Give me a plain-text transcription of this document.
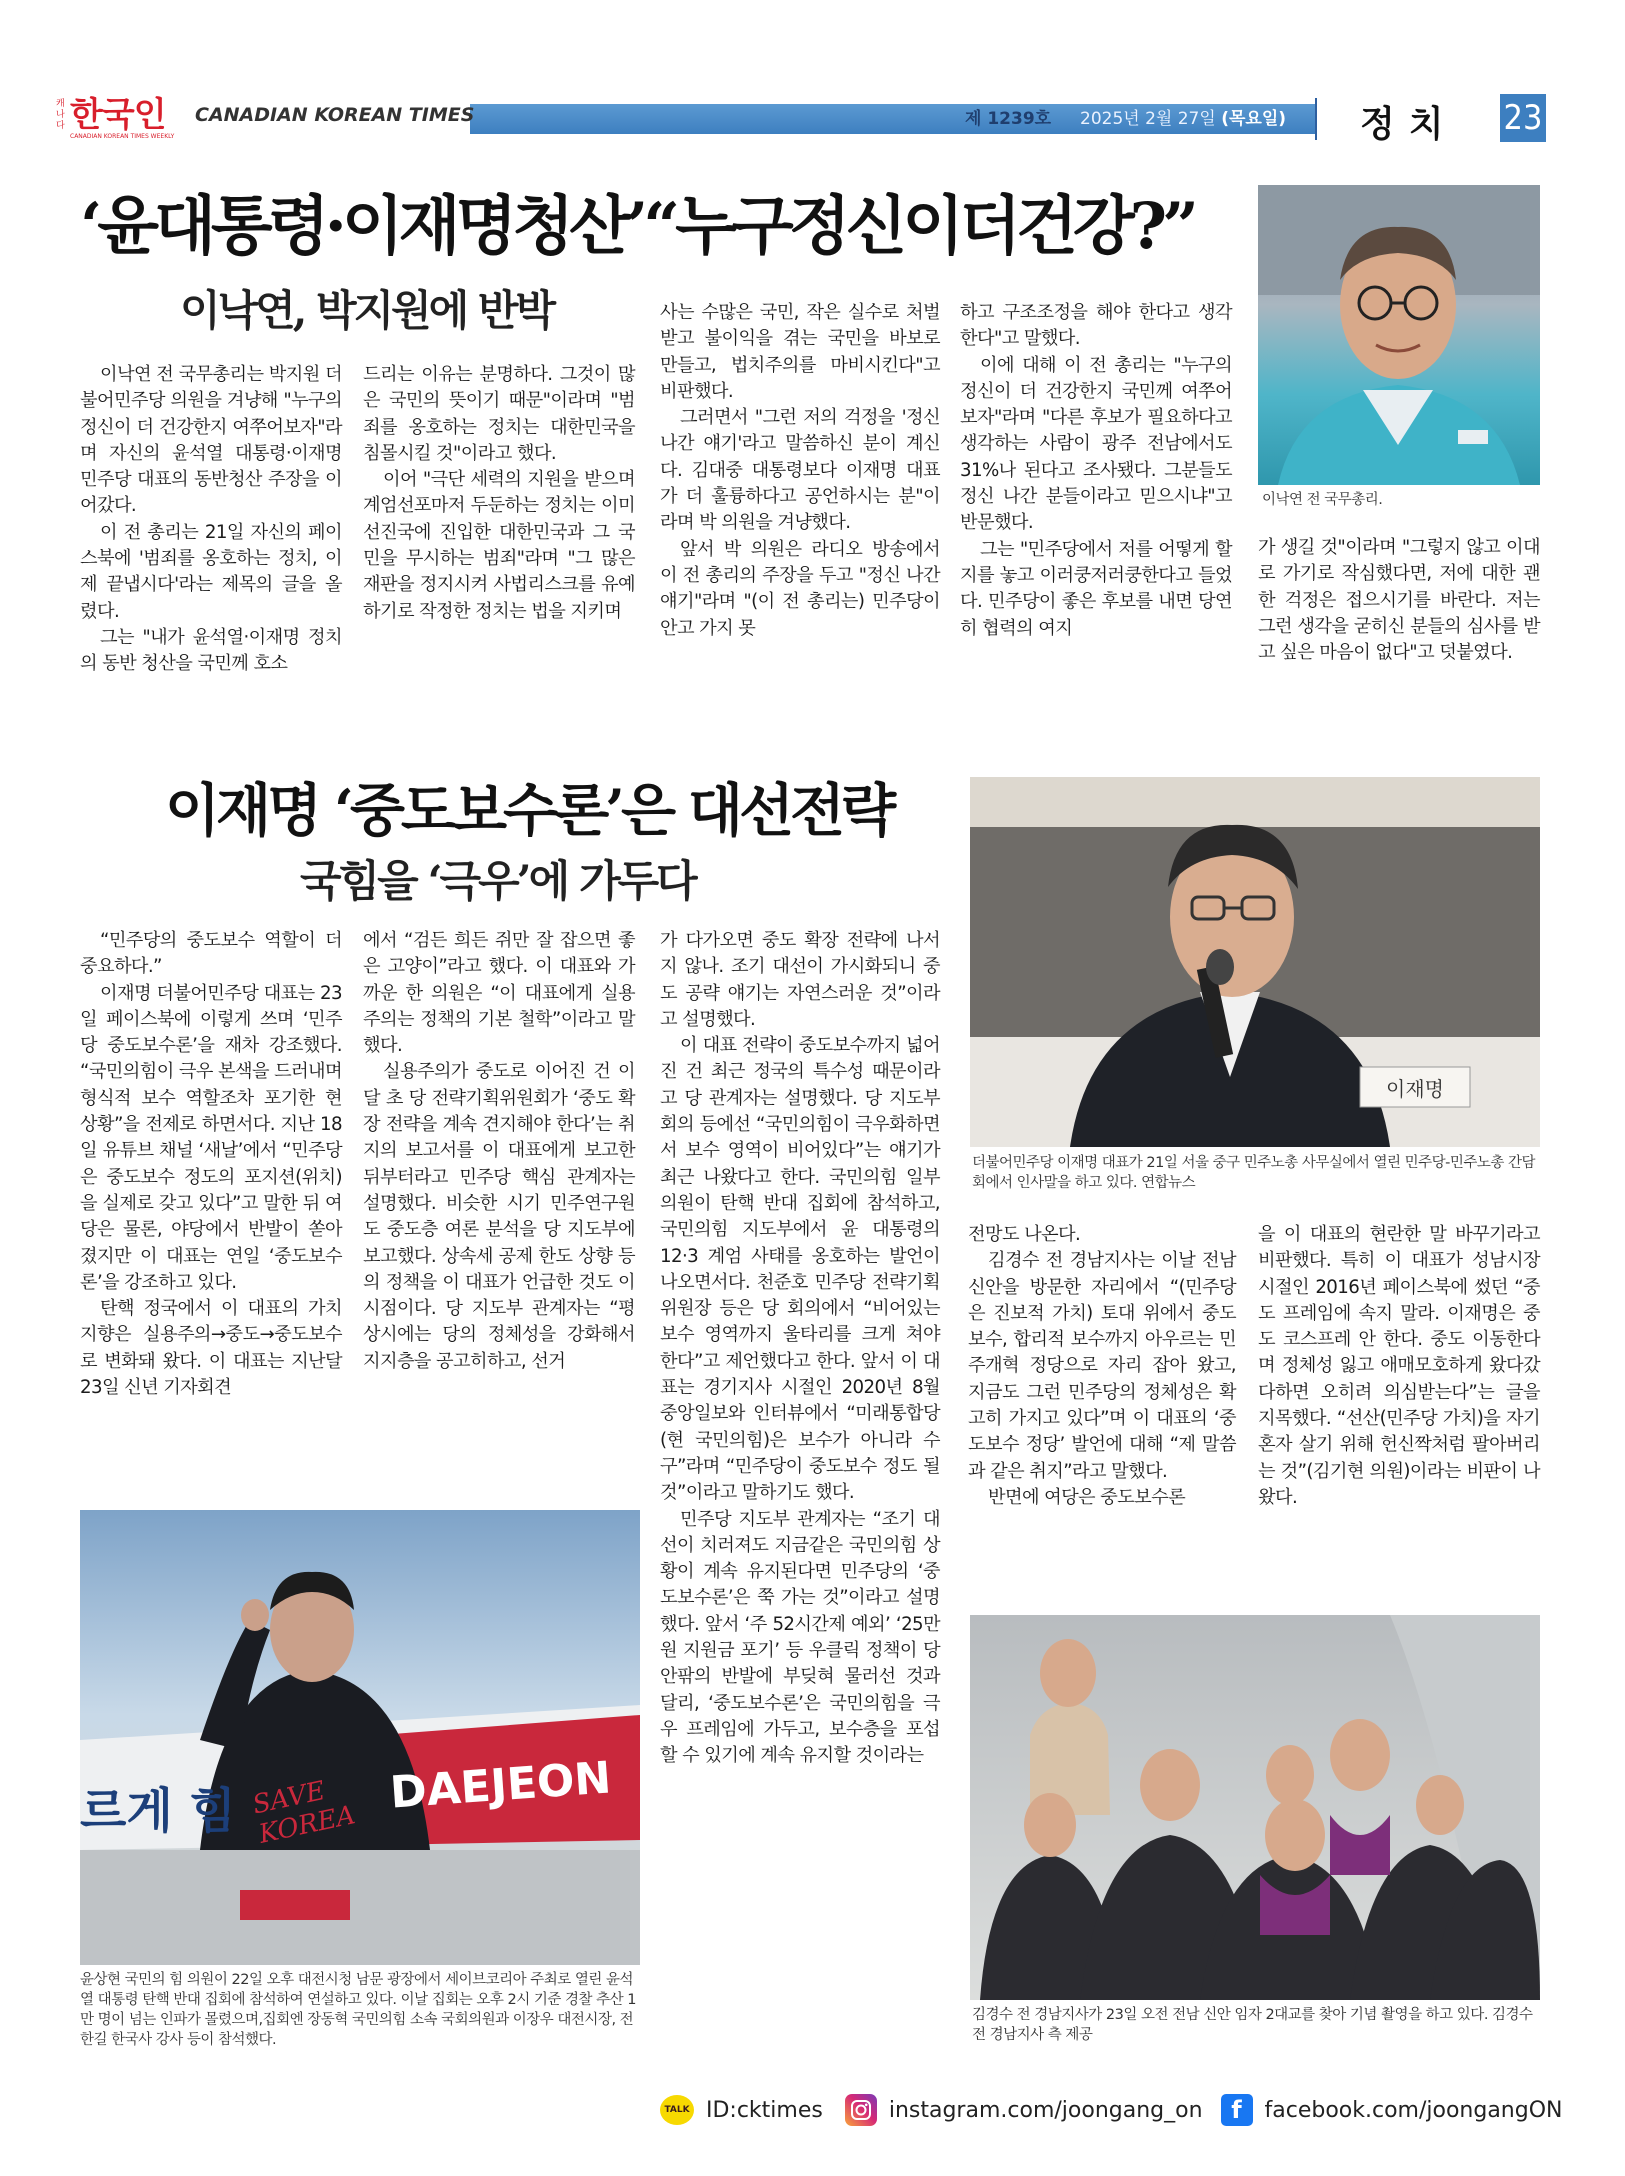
캐나다 한국인
CANADIAN KOREAN TIMES WEEKLY
CANADIAN KOREAN TIMES	제 1239호 2025년 2월 27일 (목요일) 정치 23
‘윤대통령·이재명청산’“누구정신이더건강?”
이낙연, 박지원에 반박

이낙연 전 국무총리는 박지원 더불어민주당 의원을 겨냥해 "누구의 정신이 더 건강한지 여쭈어보자"라며 자신의 윤석열 대통령·이재명 민주당 대표의 동반청산 주장을 이어갔다.

이 전 총리는 21일 자신의 페이스북에 '범죄를 옹호하는 정치, 이제 끝냅시다'라는 제목의 글을 올렸다.

그는 "내가 윤석열·이재명 정치의 동반 청산을 국민께 호소

드리는 이유는 분명하다. 그것이 많은 국민의 뜻이기 때문"이라며 "범죄를 옹호하는 정치는 대한민국을 침몰시킬 것"이라고 했다.

이어 "극단 세력의 지원을 받으며 계엄선포마저 두둔하는 정치는 이미 선진국에 진입한 대한민국과 그 국민을 무시하는 범죄"라며 "그 많은 재판을 정지시켜 사법리스크를 유예하기로 작정한 정치는 법을 지키며

사는 수많은 국민, 작은 실수로 처벌받고 불이익을 겪는 국민을 바보로 만들고, 법치주의를 마비시킨다"고 비판했다.

그러면서 "그런 저의 걱정을 '정신 나간 얘기'라고 말씀하신 분이 계신다. 김대중 대통령보다 이재명 대표가 더 훌륭하다고 공언하시는 분"이라며 박 의원을 겨냥했다.

앞서 박 의원은 라디오 방송에서 이 전 총리의 주장을 두고 "정신 나간 얘기"라며 "(이 전 총리는) 민주당이 안고 가지 못

하고 구조조정을 해야 한다고 생각한다"고 말했다.

이에 대해 이 전 총리는 "누구의 정신이 더 건강한지 국민께 여쭈어보자"라며 "다른 후보가 필요하다고 생각하는 사람이 광주 전남에서도 31%나 된다고 조사됐다. 그분들도 정신 나간 분들이라고 믿으시냐"고 반문했다.

그는 "민주당에서 저를 어떻게 할지를 놓고 이러쿵저러쿵한다고 들었다. 민주당이 좋은 후보를 내면 당연히 협력의 여지

가 생길 것"이라며 "그렇지 않고 이대로 가기로 작심했다면, 저에 대한 괜한 걱정은 접으시기를 바란다. 저는 그런 생각을 굳히신 분들의 심사를 받고 싶은 마음이 없다"고 덧붙였다.

이낙연 전 국무총리.
이재명 ‘중도보수론’은 대선전략
국힘을 ‘극우’에 가두다

“민주당의 중도보수 역할이 더 중요하다.”

이재명 더불어민주당 대표는 23일 페이스북에 이렇게 쓰며 ‘민주당 중도보수론’을 재차 강조했다. “국민의힘이 극우 본색을 드러내며 형식적 보수 역할조차 포기한 현 상황”을 전제로 하면서다. 지난 18일 유튜브 채널 ‘새날’에서 “민주당은 중도보수 정도의 포지션(위치)을 실제로 갖고 있다”고 말한 뒤 여당은 물론, 야당에서 반발이 쏟아졌지만 이 대표는 연일 ‘중도보수론’을 강조하고 있다.

탄핵 정국에서 이 대표의 가치 지향은 실용주의→중도→중도보수로 변화돼 왔다. 이 대표는 지난달 23일 신년 기자회견

에서 “검든 희든 쥐만 잘 잡으면 좋은 고양이”라고 했다. 이 대표와 가까운 한 의원은 “이 대표에게 실용주의는 정책의 기본 철학”이라고 말했다.

실용주의가 중도로 이어진 건 이달 초 당 전략기획위원회가 ‘중도 확장 전략을 계속 견지해야 한다’는 취지의 보고서를 이 대표에게 보고한 뒤부터라고 민주당 핵심 관계자는 설명했다. 비슷한 시기 민주연구원도 중도층 여론 분석을 당 지도부에 보고했다. 상속세 공제 한도 상향 등의 정책을 이 대표가 언급한 것도 이 시점이다. 당 지도부 관계자는 “평상시에는 당의 정체성을 강화해서 지지층을 공고히하고, 선거

가 다가오면 중도 확장 전략에 나서지 않나. 조기 대선이 가시화되니 중도 공략 얘기는 자연스러운 것”이라고 설명했다.

이 대표 전략이 중도보수까지 넓어진 건 최근 정국의 특수성 때문이라고 당 관계자는 설명했다. 당 지도부 회의 등에선 “국민의힘이 극우화하면서 보수 영역이 비어있다”는 얘기가 최근 나왔다고 한다. 국민의힘 일부 의원이 탄핵 반대 집회에 참석하고, 국민의힘 지도부에서 윤 대통령의 12·3 계엄 사태를 옹호하는 발언이 나오면서다. 천준호 민주당 전략기획위원장 등은 당 회의에서 “비어있는 보수 영역까지 울타리를 크게 쳐야 한다”고 제언했다고 한다. 앞서 이 대표는 경기지사 시절인 2020년 8월 중앙일보와 인터뷰에서 “미래통합당(현 국민의힘)은 보수가 아니라 수구”라며 “민주당이 중도보수 정도 될 것”이라고 말하기도 했다.

민주당 지도부 관계자는 “조기 대선이 치러져도 지금같은 국민의힘 상황이 계속 유지된다면 민주당의 ‘중도보수론’은 쭉 가는 것”이라고 설명했다. 앞서 ‘주 52시간제 예외’ ‘25만원 지원금 포기’ 등 우클릭 정책이 당안팎의 반발에 부딪혀 물러선 것과 달리, ‘중도보수론’은 국민의힘을 극우 프레임에 가두고, 보수층을 포섭할 수 있기에 계속 유지할 것이라는

전망도 나온다.

김경수 전 경남지사는 이날 전남 신안을 방문한 자리에서 “(민주당은 진보적 가치) 토대 위에서 중도보수, 합리적 보수까지 아우르는 민주개혁 정당으로 자리 잡아 왔고, 지금도 그런 민주당의 정체성은 확고히 가지고 있다”며 이 대표의 ‘중도보수 정당’ 발언에 대해 “제 말씀과 같은 취지”라고 말했다.

반면에 여당은 중도보수론

을 이 대표의 현란한 말 바꾸기라고 비판했다. 특히 이 대표가 성남시장 시절인 2016년 페이스북에 썼던 “중도 프레임에 속지 말라. 이재명은 중도 코스프레 안 한다. 중도 이동한다며 정체성 잃고 애매모호하게 왔다갔다하면 오히려 의심받는다”는 글을 지목했다. “선산(민주당 가치)을 자기 혼자 살기 위해 헌신짝처럼 팔아버리는 것”(김기현 의원)이라는 비판이 나왔다.

이재명
더불어민주당 이재명 대표가 21일 서울 중구 민주노총 사무실에서 열린 민주당-민주노총 간담회에서 인사말을 하고 있다. 연합뉴스
DAEJEON
SAVE KOREA
르게 힘
윤상현 국민의 힘 의원이 22일 오후 대전시청 남문 광장에서 세이브코리아 주최로 열린 윤석열 대통령 탄핵 반대 집회에 참석하여 연설하고 있다. 이날 집회는 오후 2시 기준 경찰 추산 1만 명이 넘는 인파가 몰렸으며,집회엔 장동혁 국민의힘 소속 국회의원과 이장우 대전시장, 전한길 한국사 강사 등이 참석했다.
김경수 전 경남지사가 23일 오전 전남 신안 임자 2대교를 찾아 기념 촬영을 하고 있다. 김경수 전 경남지사 측 제공
TALK ID:cktimes	instagram.com/joongang_on	f	facebook.com/joongangON
